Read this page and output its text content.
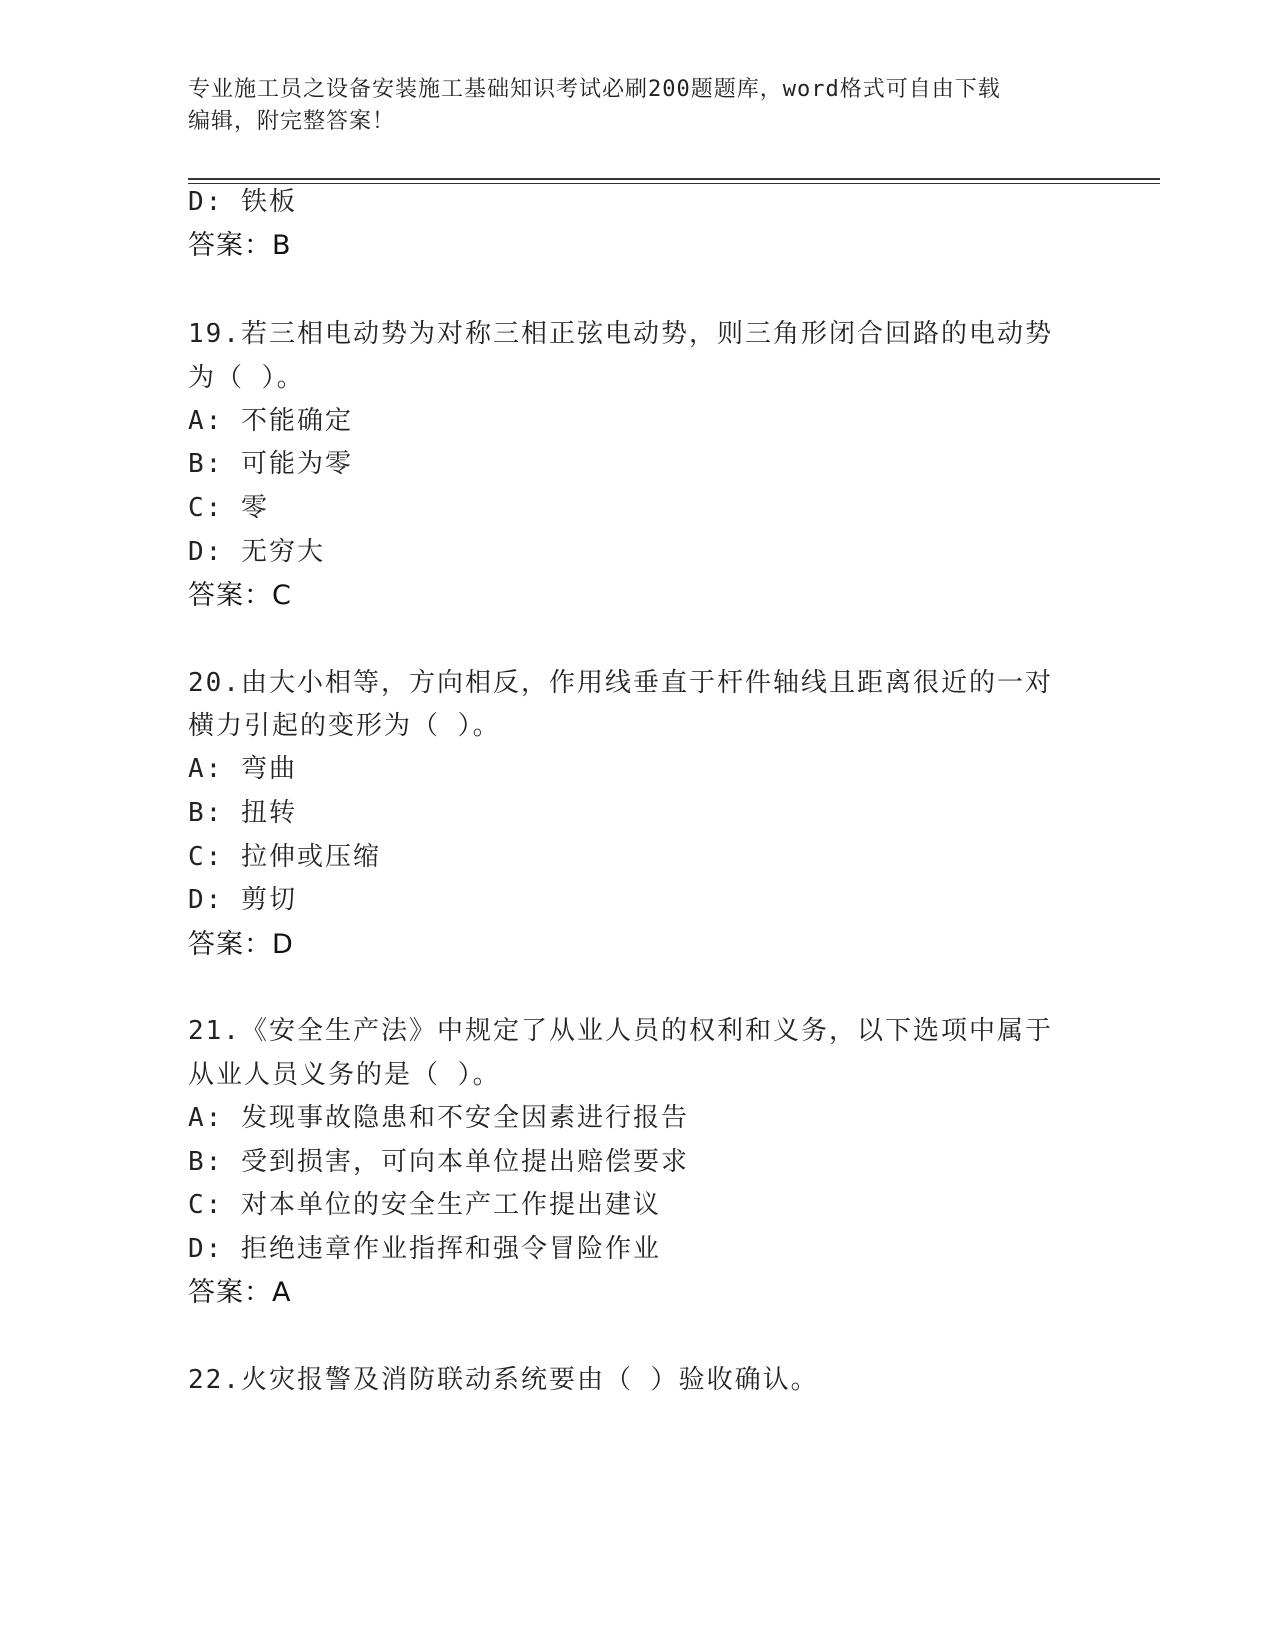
专业施工员之设备安装施工基础知识考试必刷200题题库，word格式可自由下载
编辑，附完整答案！
D: 铁板
答案：B
19.若三相电动势为对称三相正弦电动势，则三角形闭合回路的电动势
为（ ）。
A: 不能确定
B: 可能为零
C: 零
D: 无穷大
答案：C
20.由大小相等，方向相反，作用线垂直于杆件轴线且距离很近的一对
横力引起的变形为（ ）。
A: 弯曲
B: 扭转
C: 拉伸或压缩
D: 剪切
答案：D
21.《安全生产法》中规定了从业人员的权利和义务，以下选项中属于
从业人员义务的是（ ）。
A: 发现事故隐患和不安全因素进行报告
B: 受到损害，可向本单位提出赔偿要求
C: 对本单位的安全生产工作提出建议
D: 拒绝违章作业指挥和强令冒险作业
答案：A
22.火灾报警及消防联动系统要由（ ）验收确认。
